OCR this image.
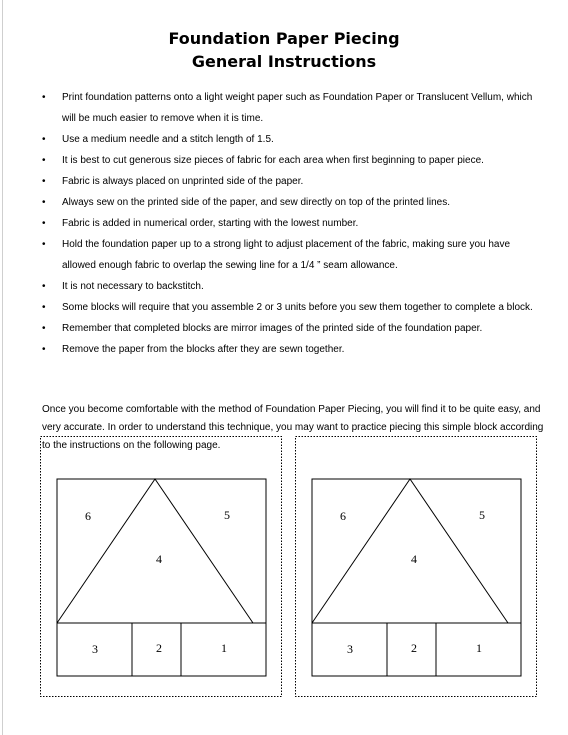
Foundation Paper Piecing
General Instructions
• Print foundation patterns onto a light weight paper such as Foundation Paper or Translucent Vellum, which will be much easier to remove when it is time.
• Use a medium needle and a stitch length of 1.5.
• It is best to cut generous size pieces of fabric for each area when first beginning to paper piece.
• Fabric is always placed on unprinted side of the paper.
• Always sew on the printed side of the paper, and sew directly on top of the printed lines.
• Fabric is added in numerical order, starting with the lowest number.
• Hold the foundation paper up to a strong light to adjust placement of the fabric, making sure you have allowed enough fabric to overlap the sewing line for a 1/4 ” seam allowance.
• It is not necessary to backstitch.
• Some blocks will require that you assemble 2 or 3 units before you sew them together to complete a block.
• Remember that completed blocks are mirror images of the printed side of the foundation paper.
• Remove the paper from the blocks after they are sewn together.

Once you become comfortable with the method of Foundation Paper Piecing, you will find it to be quite easy, and very accurate. In order to understand this technique, you may want to practice piecing this simple block according to the instructions on the following page.

6	5
4
3	2	1
6	5
4
3	2	1
